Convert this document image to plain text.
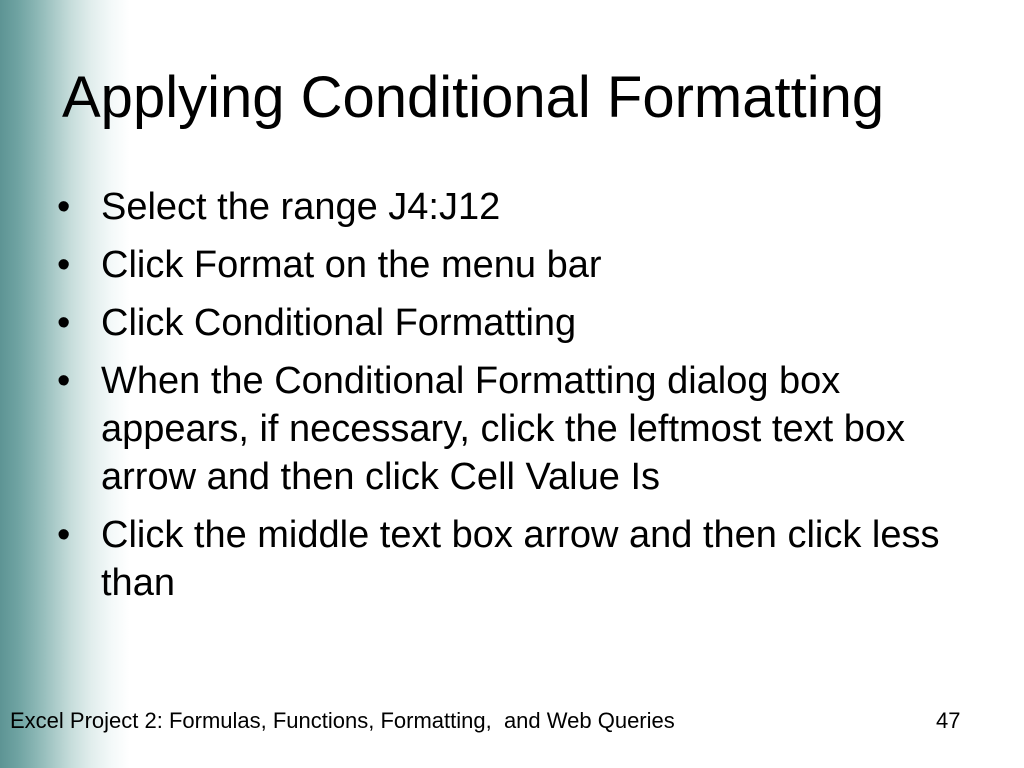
Applying Conditional Formatting
• Select the range J4:J12
• Click Format on the menu bar
• Click Conditional Formatting
• When the Conditional Formatting dialog box appears, if necessary, click the leftmost text box arrow and then click Cell Value Is
• Click the middle text box arrow and then click less than
Excel Project 2: Formulas, Functions, Formatting,  and Web Queries	47
